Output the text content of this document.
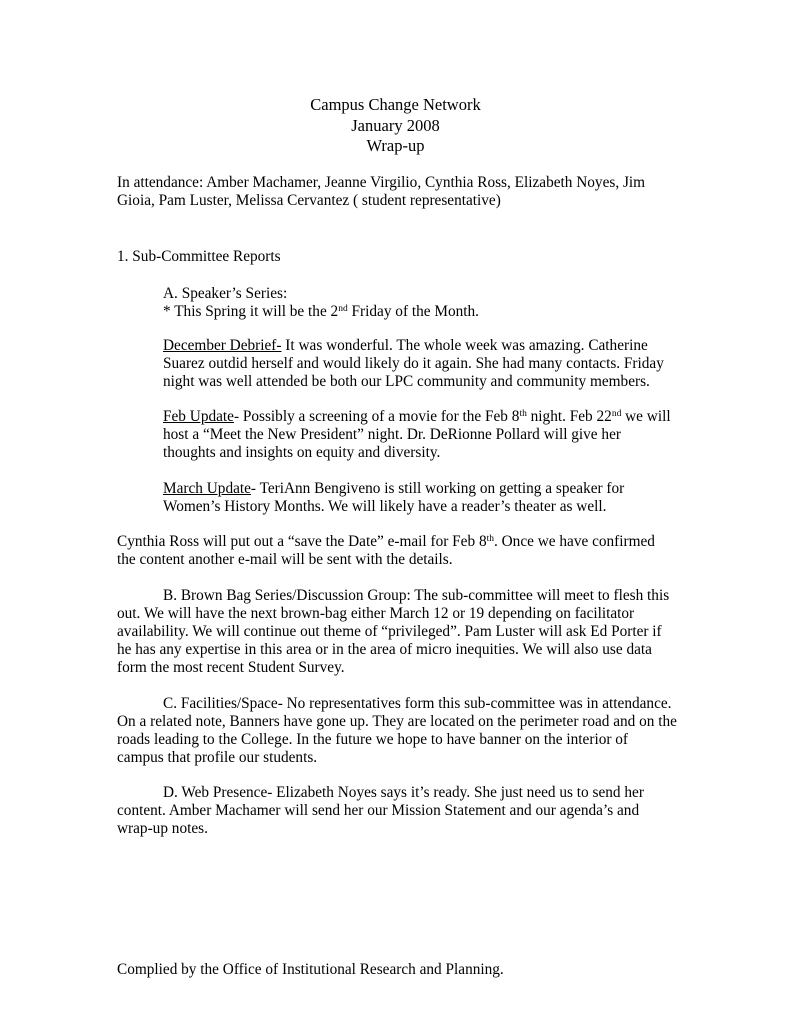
Campus Change Network
January 2008
Wrap-up

In attendance: Amber Machamer, Jeanne Virgilio, Cynthia Ross, Elizabeth Noyes, Jim Gioia, Pam Luster, Melissa Cervantez ( student representative)

1. Sub-Committee Reports

A. Speaker’s Series:

* This Spring it will be the 2nd Friday of the Month.

December Debrief- It was wonderful. The whole week was amazing. Catherine Suarez outdid herself and would likely do it again. She had many contacts. Friday night was well attended be both our LPC community and community members.

Feb Update- Possibly a screening of a movie for the Feb 8th night. Feb 22nd we will host a “Meet the New President” night. Dr. DeRionne Pollard will give her thoughts and insights on equity and diversity.

March Update- TeriAnn Bengiveno is still working on getting a speaker for Women’s History Months. We will likely have a reader’s theater as well.

Cynthia Ross will put out a “save the Date” e-mail for Feb 8th. Once we have confirmed the content another e-mail will be sent with the details.

B. Brown Bag Series/Discussion Group: The sub-committee will meet to flesh this out. We will have the next brown-bag either March 12 or 19 depending on facilitator availability. We will continue out theme of “privileged”. Pam Luster will ask Ed Porter if he has any expertise in this area or in the area of micro inequities. We will also use data form the most recent Student Survey.

C. Facilities/Space- No representatives form this sub-committee was in attendance. On a related note, Banners have gone up. They are located on the perimeter road and on the roads leading to the College. In the future we hope to have banner on the interior of campus that profile our students.

D. Web Presence- Elizabeth Noyes says it’s ready. She just need us to send her content. Amber Machamer will send her our Mission Statement and our agenda’s and wrap-up notes.

Complied by the Office of Institutional Research and Planning.
